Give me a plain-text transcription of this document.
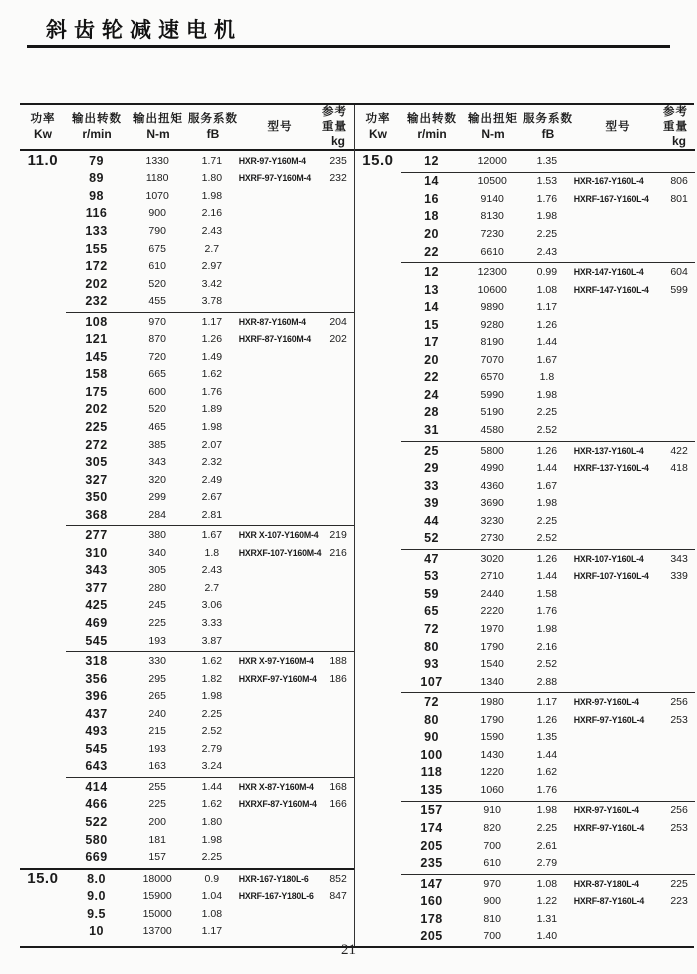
斜齿轮减速电机
功率
Kw
输出转数
r/min
输出扭矩
N-m
服务系数
fB	型号
参考重量
kg
11.0	79	1330	1.71	HXR-97-Y160M-4	235
89	1180	1.80	HXRF-97-Y160M-4	232
98	1070	1.98
116	900	2.16
133	790	2.43
155	675	2.7
172	610	2.97
202	520	3.42
232	455	3.78
108	970	1.17	HXR-87-Y160M-4	204
121	870	1.26	HXRF-87-Y160M-4	202
145	720	1.49
158	665	1.62
175	600	1.76
202	520	1.89
225	465	1.98
272	385	2.07
305	343	2.32
327	320	2.49
350	299	2.67
368	284	2.81
277	380	1.67	HXR X-107-Y160M-4	219
310	340	1.8	HXRXF-107-Y160M-4 216
343	305	2.43
377	280	2.7
425	245	3.06
469	225	3.33
545	193	3.87
318	330	1.62	HXR X-97-Y160M-4	188
356	295	1.82	HXRXF-97-Y160M-4	186
396	265	1.98
437	240	2.25
493	215	2.52
545	193	2.79
643	163	3.24
414	255	1.44	HXR X-87-Y160M-4	168
466	225	1.62	HXRXF-87-Y160M-4	166
522	200	1.80
580	181	1.98
669	157	2.25
15.0	8.0	18000	0.9	HXR-167-Y180L-6	852
9.0	15900	1.04	HXRF-167-Y180L-6	847
9.5	15000	1.08
10	13700	1.17
功率
Kw
输出转数
r/min
输出扭矩
N-m
服务系数
fB	型号
参考重量
kg
15.0	12	12000	1.35
14	10500	1.53	HXR-167-Y160L-4	806
16	9140	1.76	HXRF-167-Y160L-4	801
18	8130	1.98
20	7230	2.25
22	6610	2.43
12	12300	0.99	HXR-147-Y160L-4	604
13	10600	1.08	HXRF-147-Y160L-4	599
14	9890	1.17
15	9280	1.26
17	8190	1.44
20	7070	1.67
22	6570	1.8
24	5990	1.98
28	5190	2.25
31	4580	2.52
25	5800	1.26	HXR-137-Y160L-4	422
29	4990	1.44	HXRF-137-Y160L-4	418
33	4360	1.67
39	3690	1.98
44	3230	2.25
52	2730	2.52
47	3020	1.26	HXR-107-Y160L-4	343
53	2710	1.44	HXRF-107-Y160L-4	339
59	2440	1.58
65	2220	1.76
72	1970	1.98
80	1790	2.16
93	1540	2.52
107	1340	2.88
72	1980	1.17	HXR-97-Y160L-4	256
80	1790	1.26	HXRF-97-Y160L-4	253
90	1590	1.35
100	1430	1.44
118	1220	1.62
135	1060	1.76
157	910	1.98	HXR-97-Y160L-4	256
174	820	2.25	HXRF-97-Y160L-4	253
205	700	2.61
235	610	2.79
147	970	1.08	HXR-87-Y180L-4	225
160	900	1.22	HXRF-87-Y160L-4	223
178	810	1.31
205	700	1.40
21
